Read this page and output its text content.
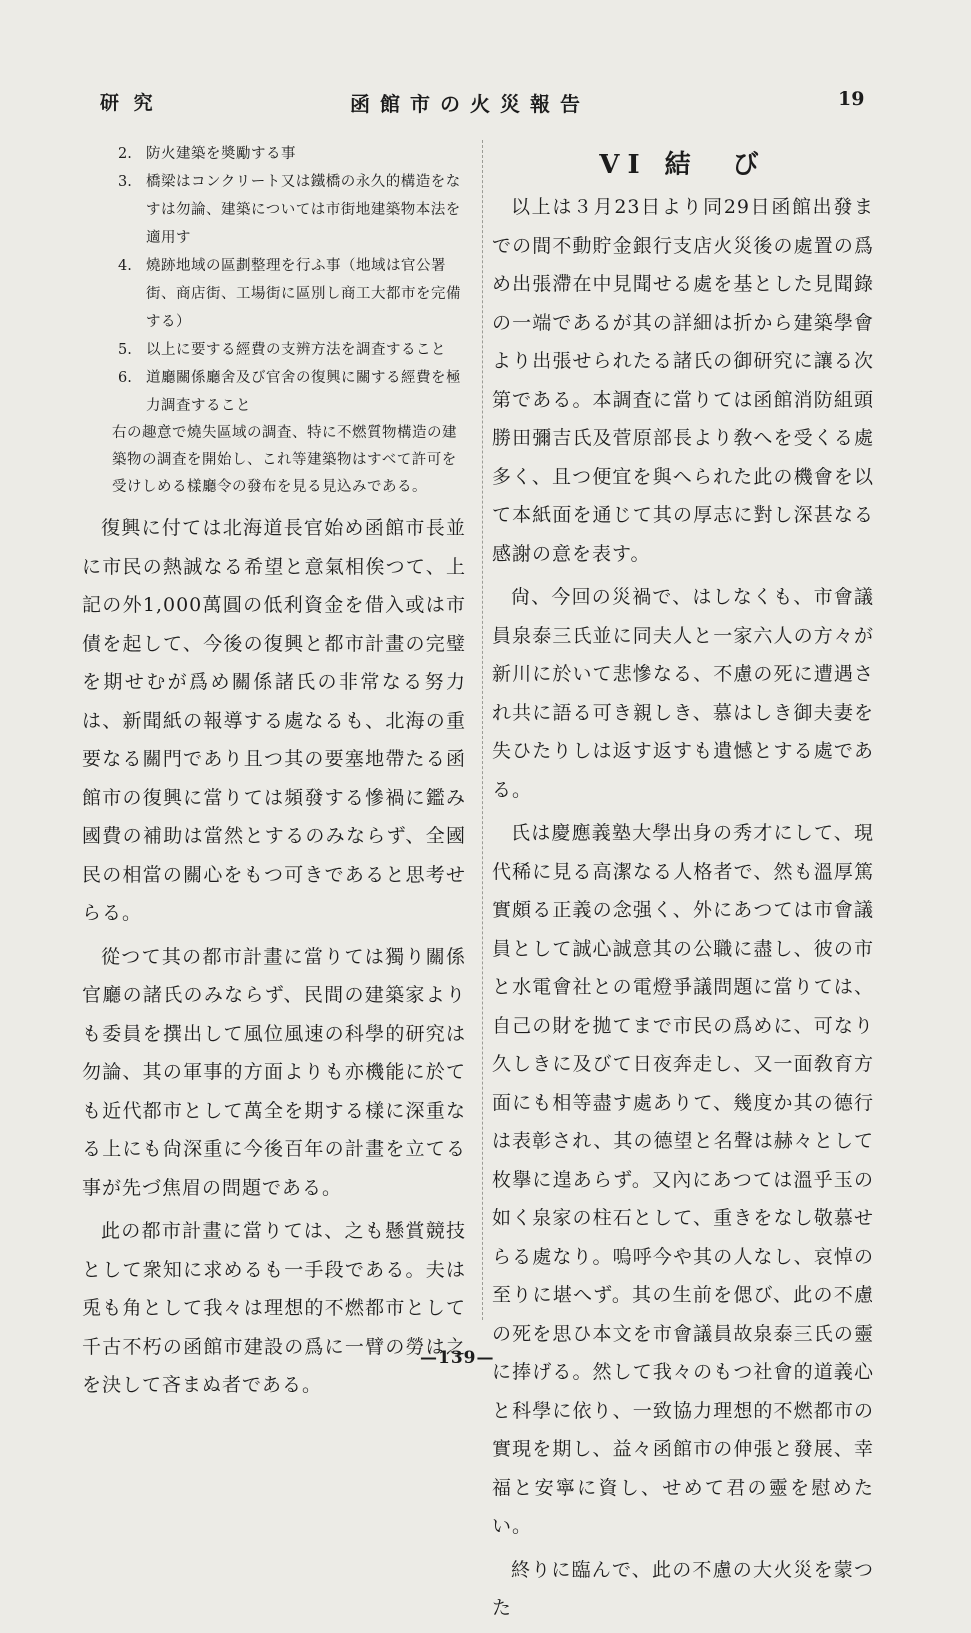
研 究	函館市の火災報告	19
2. 防火建築を奬勵する事
3. 橋梁はコンクリート又は鐵橋の永久的構造をなすは勿論、建築については市街地建築物本法を適用す
4. 燒跡地域の區劃整理を行ふ事（地域は官公署街、商店街、工場街に區別し商工大都市を完備する）
5. 以上に要する經費の支辨方法を調査すること
6. 道廳關係廳舍及び官舍の復興に關する經費を極力調査すること

右の趣意で燒失區域の調査、特に不燃質物構造の建築物の調査を開始し、これ等建築物はすべて許可を受けしめる樣廳令の發布を見る見込みである。

復興に付ては北海道長官始め函館市長並に市民の熱誠なる希望と意氣相俟つて、上記の外1,000萬圓の低利資金を借入或は市債を起して、今後の復興と都市計畫の完璧を期せむが爲め關係諸氏の非常なる努力は、新聞紙の報導する處なるも、北海の重要なる關門であり且つ其の要塞地帶たる函館市の復興に當りては頻發する慘禍に鑑み國費の補助は當然とするのみならず、全國民の相當の關心をもつ可きであると思考せらる。

從つて其の都市計畫に當りては獨り關係官廳の諸氏のみならず、民間の建築家よりも委員を撰出して風位風速の科學的研究は勿論、其の軍事的方面よりも亦機能に於ても近代都市として萬全を期する樣に深重なる上にも尙深重に今後百年の計畫を立てる事が先づ焦眉の問題である。

此の都市計畫に當りては、之も懸賞競技として衆知に求めるも一手段である。夫は兎も角として我々は理想的不燃都市として千古不朽の函館市建設の爲に一臂の勞は之を決して吝まぬ者である。

VI 結　び

以上は３月23日より同29日函館出發までの間不動貯金銀行支店火災後の處置の爲め出張滯在中見聞せる處を基とした見聞錄の一端であるが其の詳細は折から建築學會より出張せられたる諸氏の御研究に讓る次第である。本調査に當りては函館消防組頭勝田彌吉氏及菅原部長より敎へを受くる處多く、且つ便宜を與へられた此の機會を以て本紙面を通じて其の厚志に對し深甚なる感謝の意を表す。

尙、今回の災禍で、はしなくも、市會議員泉泰三氏並に同夫人と一家六人の方々が新川に於いて悲慘なる、不慮の死に遭遇され共に語る可き親しき、慕はしき御夫妻を失ひたりしは返す返すも遺憾とする處である。

氏は慶應義塾大學出身の秀才にして、現代稀に見る高潔なる人格者で、然も溫厚篤實頗る正義の念强く、外にあつては市會議員として誠心誠意其の公職に盡し、彼の市と水電會社との電燈爭議問題に當りては、自己の財を拋てまで市民の爲めに、可なり久しきに及びて日夜奔走し、又一面敎育方面にも相等盡す處ありて、幾度か其の德行は表彰され、其の德望と名聲は赫々として枚擧に遑あらず。又內にあつては溫乎玉の如く泉家の柱石として、重きをなし敬慕せらる處なり。嗚呼今や其の人なし、哀悼の至りに堪へず。其の生前を偲び、此の不慮の死を思ひ本文を市會議員故泉泰三氏の靈に捧げる。然して我々のもつ社會的道義心と科學に依り、一致協力理想的不燃都市の實現を期し、益々函館市の伸張と發展、幸福と安寧に資し、せめて君の靈を慰めたい。

終りに臨んで、此の不慮の大火災を蒙つた

—139—
